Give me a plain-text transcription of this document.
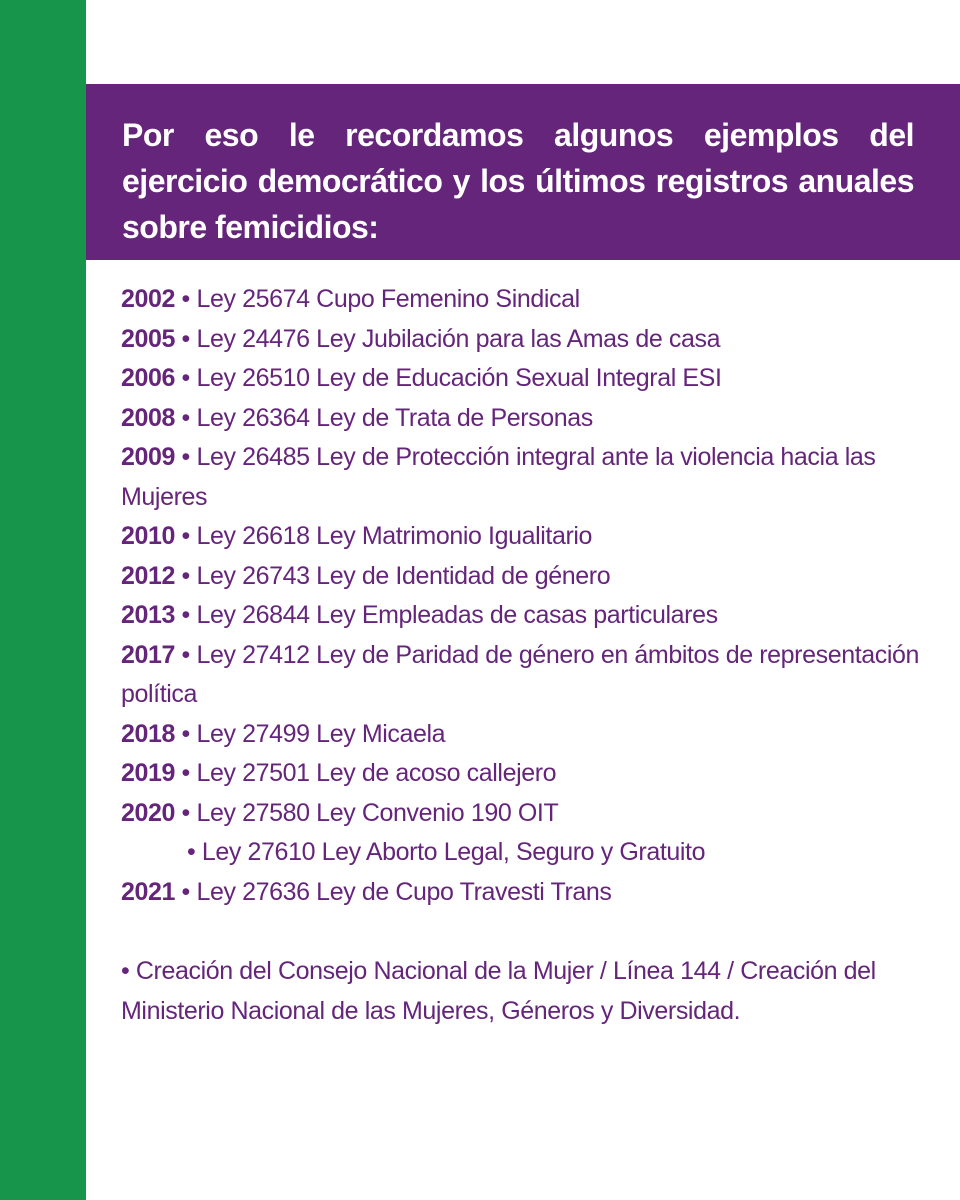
Por eso le recordamos algunos ejemplos del ejercicio democrático y los últimos registros anuales sobre femicidios:

2002 • Ley 25674 Cupo Femenino Sindical
2005 • Ley 24476 Ley Jubilación para las Amas de casa
2006 • Ley 26510 Ley de Educación Sexual Integral ESI
2008 • Ley 26364 Ley de Trata de Personas
2009 • Ley 26485 Ley de Protección integral ante la violencia hacia las
Mujeres
2010 • Ley 26618 Ley Matrimonio Igualitario
2012 • Ley 26743 Ley de Identidad de género
2013 • Ley 26844 Ley Empleadas de casas particulares
2017 • Ley 27412 Ley de Paridad de género en ámbitos de representación
política
2018 • Ley 27499 Ley Micaela
2019 • Ley 27501 Ley de acoso callejero
2020 • Ley 27580 Ley Convenio 190 OIT
• Ley 27610 Ley Aborto Legal, Seguro y Gratuito
2021 • Ley 27636 Ley de Cupo Travesti Trans

• Creación del Consejo Nacional de la Mujer / Línea 144 / Creación del Ministerio Nacional de las Mujeres, Géneros y Diversidad.
